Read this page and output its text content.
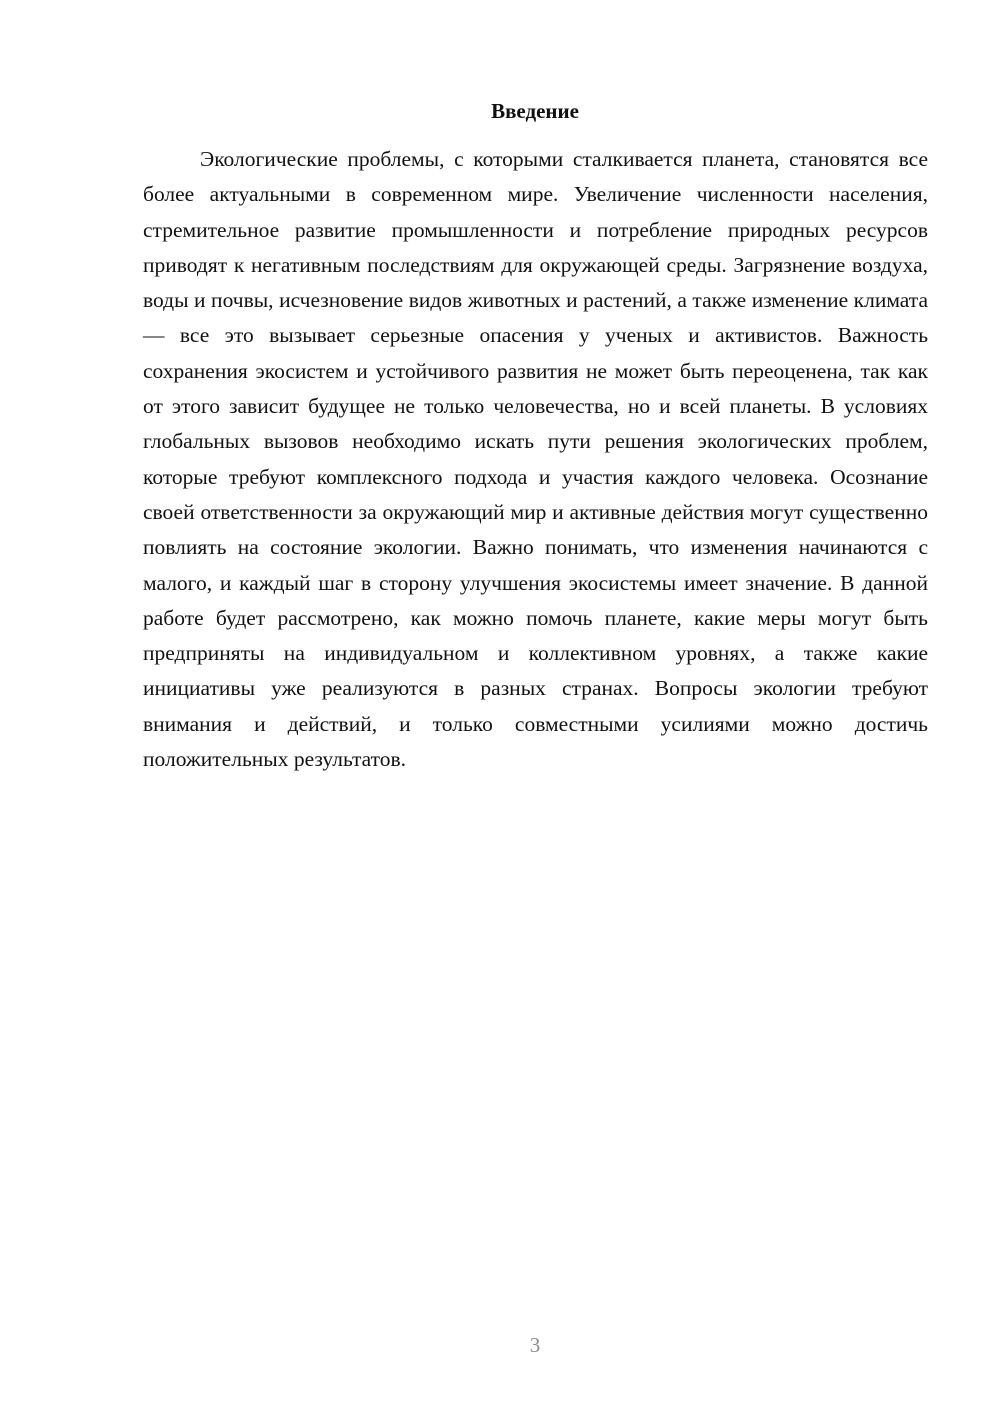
Введение

Экологические проблемы, с которыми сталкивается планета, становятся все более актуальными в современном мире. Увеличение численности населения, стремительное развитие промышленности и потребление природных ресурсов приводят к негативным последствиям для окружающей среды. Загрязнение воздуха, воды и почвы, исчезновение видов животных и растений, а также изменение климата — все это вызывает серьезные опасения у ученых и активистов. Важность сохранения экосистем и устойчивого развития не может быть переоценена, так как от этого зависит будущее не только человечества, но и всей планеты. В условиях глобальных вызовов необходимо искать пути решения экологических проблем, которые требуют комплексного подхода и участия каждого человека. Осознание своей ответственности за окружающий мир и активные действия могут существенно повлиять на состояние экологии. Важно понимать, что изменения начинаются с малого, и каждый шаг в сторону улучшения экосистемы имеет значение. В данной работе будет рассмотрено, как можно помочь планете, какие меры могут быть предприняты на индивидуальном и коллективном уровнях, а также какие инициативы уже реализуются в разных странах. Вопросы экологии требуют внимания и действий, и только совместными усилиями можно достичь положительных результатов.

3
